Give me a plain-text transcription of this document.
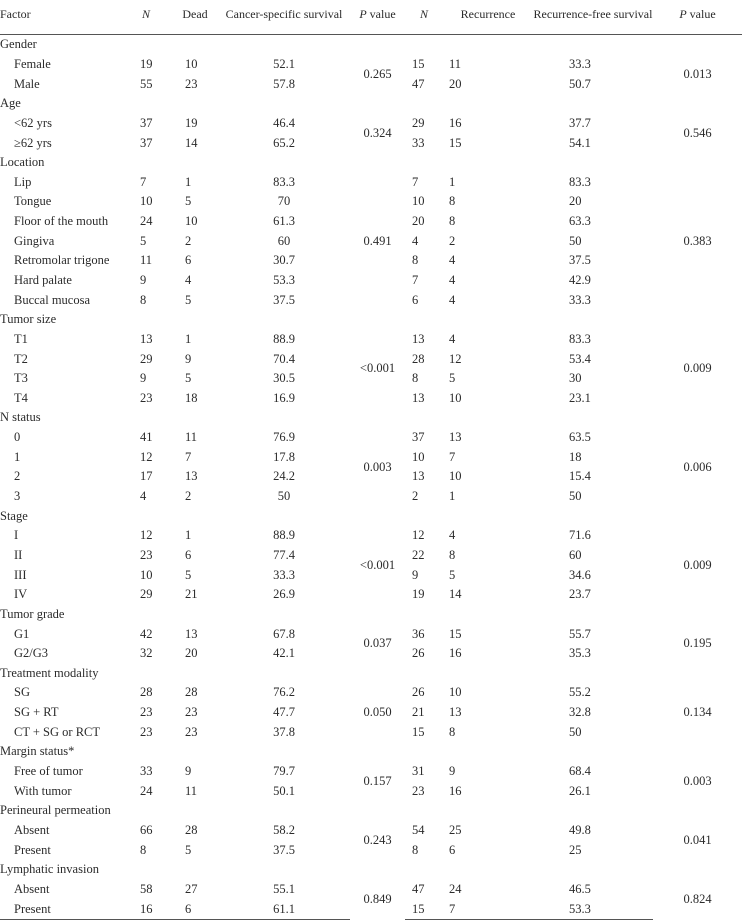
Factor	N	Dead	Cancer-specific survival	P value	N	Recurrence	Recurrence-free survival	P value
Gender								
Female	19	10	52.1	0.265	15	11	33.3	0.013
Male	55	23	57.8		47	20	50.7	
Age								
<62 yrs	37	19	46.4	0.324	29	16	37.7	0.546
≥62 yrs	37	14	65.2		33	15	54.1	
Location								
Lip	7	1	83.3	0.491	7	1	83.3	0.383
Tongue	10	5	70		10	8	20	
Floor of the mouth	24	10	61.3		20	8	63.3	
Gingiva	5	2	60		4	2	50	
Retromolar trigone	11	6	30.7		8	4	37.5	
Hard palate	9	4	53.3		7	4	42.9	
Buccal mucosa	8	5	37.5		6	4	33.3	
Tumor size								
T1	13	1	88.9	<0.001	13	4	83.3	0.009
T2	29	9	70.4		28	12	53.4	
T3	9	5	30.5		8	5	30	
T4	23	18	16.9		13	10	23.1	
N status								
0	41	11	76.9	0.003	37	13	63.5	0.006
1	12	7	17.8		10	7	18	
2	17	13	24.2		13	10	15.4	
3	4	2	50		2	1	50	
Stage								
I	12	1	88.9	<0.001	12	4	71.6	0.009
II	23	6	77.4		22	8	60	
III	10	5	33.3		9	5	34.6	
IV	29	21	26.9		19	14	23.7	
Tumor grade								
G1	42	13	67.8	0.037	36	15	55.7	0.195
G2/G3	32	20	42.1		26	16	35.3	
Treatment modality								
SG	28	28	76.2	0.050	26	10	55.2	0.134
SG + RT	23	23	47.7		21	13	32.8	
CT + SG or RCT	23	23	37.8		15	8	50	
Margin status*								
Free of tumor	33	9	79.7	0.157	31	9	68.4	0.003
With tumor	24	11	50.1		23	16	26.1	
Perineural permeation								
Absent	66	28	58.2	0.243	54	25	49.8	0.041
Present	8	5	37.5		8	6	25	
Lymphatic invasion								
Absent	58	27	55.1	0.849	47	24	46.5	0.824
Present	16	6	61.1		15	7	53.3	
